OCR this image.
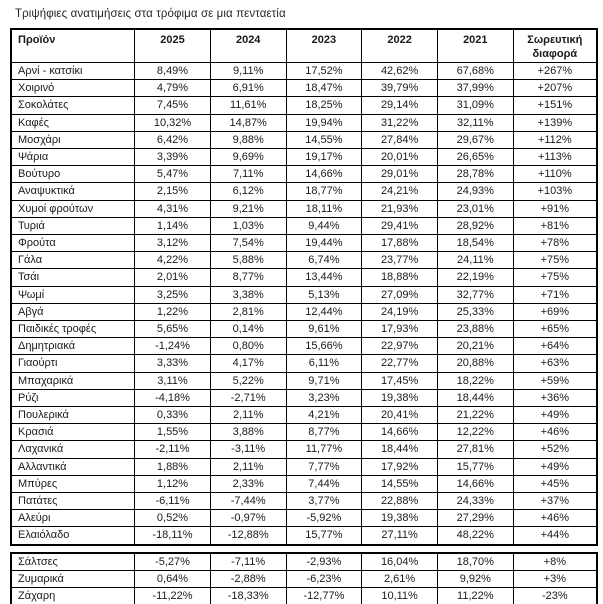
Τριψήφιες ανατιμήσεις στα τρόφιμα σε μια πενταετία
Προϊόν	2025	2024	2023	2022	2021	Σωρευτική διαφορά
Αρνί - κατσίκι	8,49%	9,11%	17,52%	42,62%	67,68%	+267%
Χοιρινό	4,79%	6,91%	18,47%	39,79%	37,99%	+207%
Σοκολάτες	7,45%	11,61%	18,25%	29,14%	31,09%	+151%
Καφές	10,32%	14,87%	19,94%	31,22%	32,11%	+139%
Μοσχάρι	6,42%	9,88%	14,55%	27,84%	29,67%	+112%
Ψάρια	3,39%	9,69%	19,17%	20,01%	26,65%	+113%
Βούτυρο	5,47%	7,11%	14,66%	29,01%	28,78%	+110%
Αναψυκτικά	2,15%	6,12%	18,77%	24,21%	24,93%	+103%
Χυμοί φρούτων	4,31%	9,21%	18,11%	21,93%	23,01%	+91%
Τυριά	1,14%	1,03%	9,44%	29,41%	28,92%	+81%
Φρούτα	3,12%	7,54%	19,44%	17,88%	18,54%	+78%
Γάλα	4,22%	5,88%	6,74%	23,77%	24,11%	+75%
Τσάι	2,01%	8,77%	13,44%	18,88%	22,19%	+75%
Ψωμί	3,25%	3,38%	5,13%	27,09%	32,77%	+71%
Αβγά	1,22%	2,81%	12,44%	24,19%	25,33%	+69%
Παιδικές τροφές	5,65%	0,14%	9,61%	17,93%	23,88%	+65%
Δημητριακά	-1,24%	0,80%	15,66%	22,97%	20,21%	+64%
Γιαούρτι	3,33%	4,17%	6,11%	22,77%	20,88%	+63%
Μπαχαρικά	3,11%	5,22%	9,71%	17,45%	18,22%	+59%
Ρύζι	-4,18%	-2,71%	3,23%	19,38%	18,44%	+36%
Πουλερικά	0,33%	2,11%	4,21%	20,41%	21,22%	+49%
Κρασιά	1,55%	3,88%	8,77%	14,66%	12,22%	+46%
Λαχανικά	-2,11%	-3,11%	11,77%	18,44%	27,81%	+52%
Αλλαντικά	1,88%	2,11%	7,77%	17,92%	15,77%	+49%
Μπύρες	1,12%	2,33%	7,44%	14,55%	14,66%	+45%
Πατάτες	-6,11%	-7,44%	3,77%	22,88%	24,33%	+37%
Αλεύρι	0,52%	-0,97%	-5,92%	19,38%	27,29%	+46%
Ελαιόλαδο	-18,11%	-12,88%	15,77%	27,11%	48,22%	+44%
Σάλτσες	-5,27%	-7,11%	-2,93%	16,04%	18,70%	+8%
Ζυμαρικά	0,64%	-2,88%	-6,23%	2,61%	9,92%	+3%
Ζάχαρη	-11,22%	-18,33%	-12,77%	10,11%	11,22%	-23%
